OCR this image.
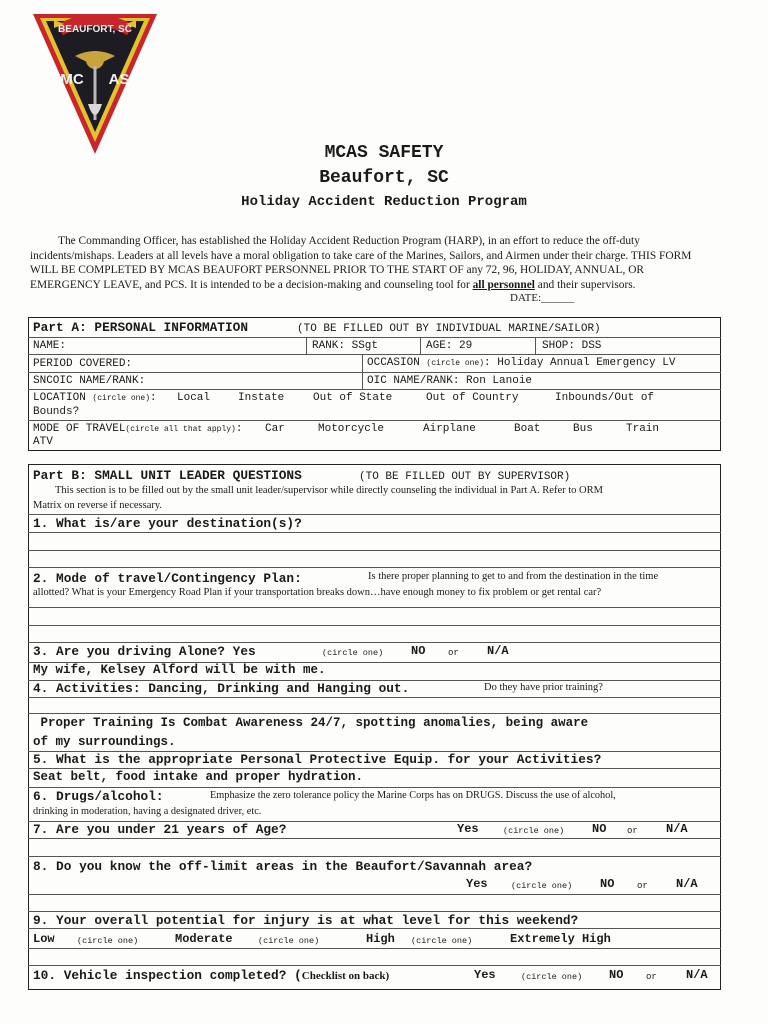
BEAUFORT, SC
MC AS
MCAS SAFETY
Beaufort, SC
Holiday Accident Reduction Program
The Commanding Officer, has established the Holiday Accident Reduction Program (HARP), in an effort to reduce the off-duty incidents/mishaps. Leaders at all levels have a moral obligation to take care of the Marines, Sailors, and Airmen under their charge. THIS FORM WILL BE COMPLETED BY MCAS BEAUFORT PERSONNEL PRIOR TO THE START OF any 72, 96, HOLIDAY, ANNUAL, OR EMERGENCY LEAVE, and PCS. It is intended to be a decision-making and counseling tool for all personnel and their supervisors.
DATE:______
Part A: PERSONAL INFORMATION	(TO BE FILLED OUT BY INDIVIDUAL MARINE/SAILOR)
NAME:	RANK: SSgt	AGE: 29	SHOP: DSS
PERIOD COVERED:	OCCASION (circle one): Holiday Annual Emergency LV
SNCOIC NAME/RANK:	OIC NAME/RANK: Ron Lanoie
LOCATION (circle one): Local	Instate	Out of State	Out of Country	Inbounds/Out of
Bounds?
MODE OF TRAVEL(circle all that apply): Car	Motorcycle	Airplane	Boat	Bus	Train
ATV
Part B: SMALL UNIT LEADER QUESTIONS	(TO BE FILLED OUT BY SUPERVISOR)
This section is to be filled out by the small unit leader/supervisor while directly counseling the individual in Part A. Refer to ORM
Matrix on reverse if necessary.
1. What is/are your destination(s)?
2. Mode of travel/Contingency Plan:	Is there proper planning to get to and from the destination in the time
allotted? What is your Emergency Road Plan if your transportation breaks down…have enough money to fix problem or get rental car?
3. Are you driving Alone? Yes	(circle one) NO	or N/A
My wife, Kelsey Alford will be with me.
4. Activities: Dancing, Drinking and Hanging out.	Do they have prior training?
Proper Training Is Combat Awareness 24/7, spotting anomalies, being aware
of my surroundings.
5. What is the appropriate Personal Protective Equip. for your Activities?
Seat belt, food intake and proper hydration.
6. Drugs/alcohol:	Emphasize the zero tolerance policy the Marine Corps has on DRUGS. Discuss the use of alcohol,
drinking in moderation, having a designated driver, etc.
7. Are you under 21 years of Age?	Yes	(circle one) NO or N/A
8. Do you know the off-limit areas in the Beaufort/Savannah area?
Yes	(circle one) NO	or N/A
9. Your overall potential for injury is at what level for this weekend?
Low	(circle one)	Moderate	(circle one)	High (circle one)	Extremely High
10. Vehicle inspection completed? (Checklist on back)	Yes	(circle one) NO	or N/A
